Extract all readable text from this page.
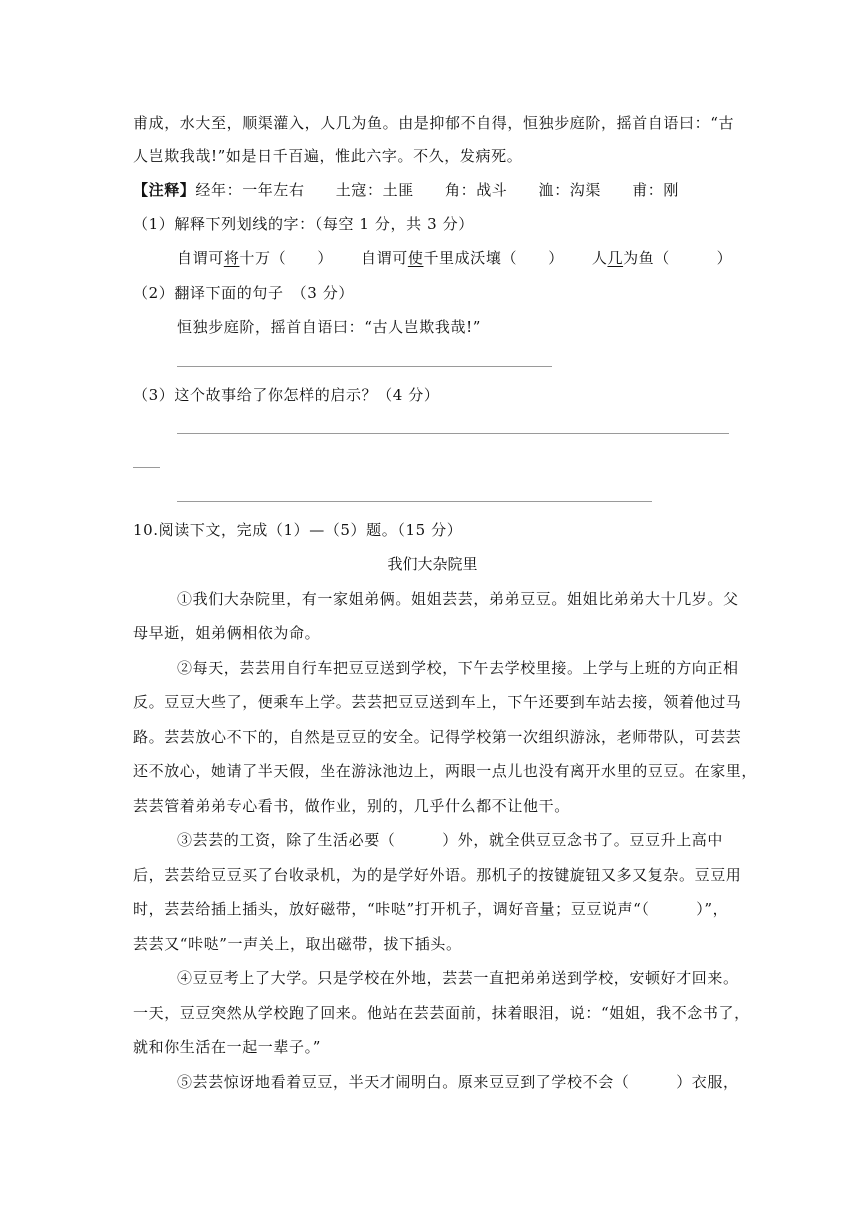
甫成，水大至，顺渠灌入，人几为鱼。由是抑郁不自得，恒独步庭阶，摇首自语曰：“古
人岂欺我哉!”如是日千百遍，惟此六字。不久，发病死。
【注释】经年：一年左右　　土寇：土匪　　角：战斗　　洫：沟渠　　甫：刚
（1）解释下列划线的字：（每空 1 分，共 3 分）
自谓可将十万（　　） 自谓可使千里成沃壤（　　） 人几为鱼（　　　）
（2）翻译下面的句子　（3 分）
恒独步庭阶，摇首自语曰：“古人岂欺我哉!”
（3）这个故事给了你怎样的启示？（4 分）
10.阅读下文，完成（1）—（5）题。（15 分）
我们大杂院里
①我们大杂院里，有一家姐弟俩。姐姐芸芸，弟弟豆豆。姐姐比弟弟大十几岁。父
母早逝，姐弟俩相依为命。
②每天，芸芸用自行车把豆豆送到学校，下午去学校里接。上学与上班的方向正相
反。豆豆大些了，便乘车上学。芸芸把豆豆送到车上，下午还要到车站去接，领着他过马
路。芸芸放心不下的，自然是豆豆的安全。记得学校第一次组织游泳，老师带队，可芸芸
还不放心，她请了半天假，坐在游泳池边上，两眼一点儿也没有离开水里的豆豆。在家里，
芸芸管着弟弟专心看书，做作业，别的，几乎什么都不让他干。
③芸芸的工资，除了生活必要（　　　）外，就全供豆豆念书了。豆豆升上高中
后，芸芸给豆豆买了台收录机，为的是学好外语。那机子的按键旋钮又多又复杂。豆豆用
时，芸芸给插上插头，放好磁带，“咔哒”打开机子，调好音量；豆豆说声“（　　　）”，
芸芸又“咔哒”一声关上，取出磁带，拔下插头。
④豆豆考上了大学。只是学校在外地，芸芸一直把弟弟送到学校，安顿好才回来。
一天，豆豆突然从学校跑了回来。他站在芸芸面前，抹着眼泪，说：“姐姐，我不念书了，
就和你生活在一起一辈子。”
⑤芸芸惊讶地看着豆豆，半天才闹明白。原来豆豆到了学校不会（　　　）衣服，
